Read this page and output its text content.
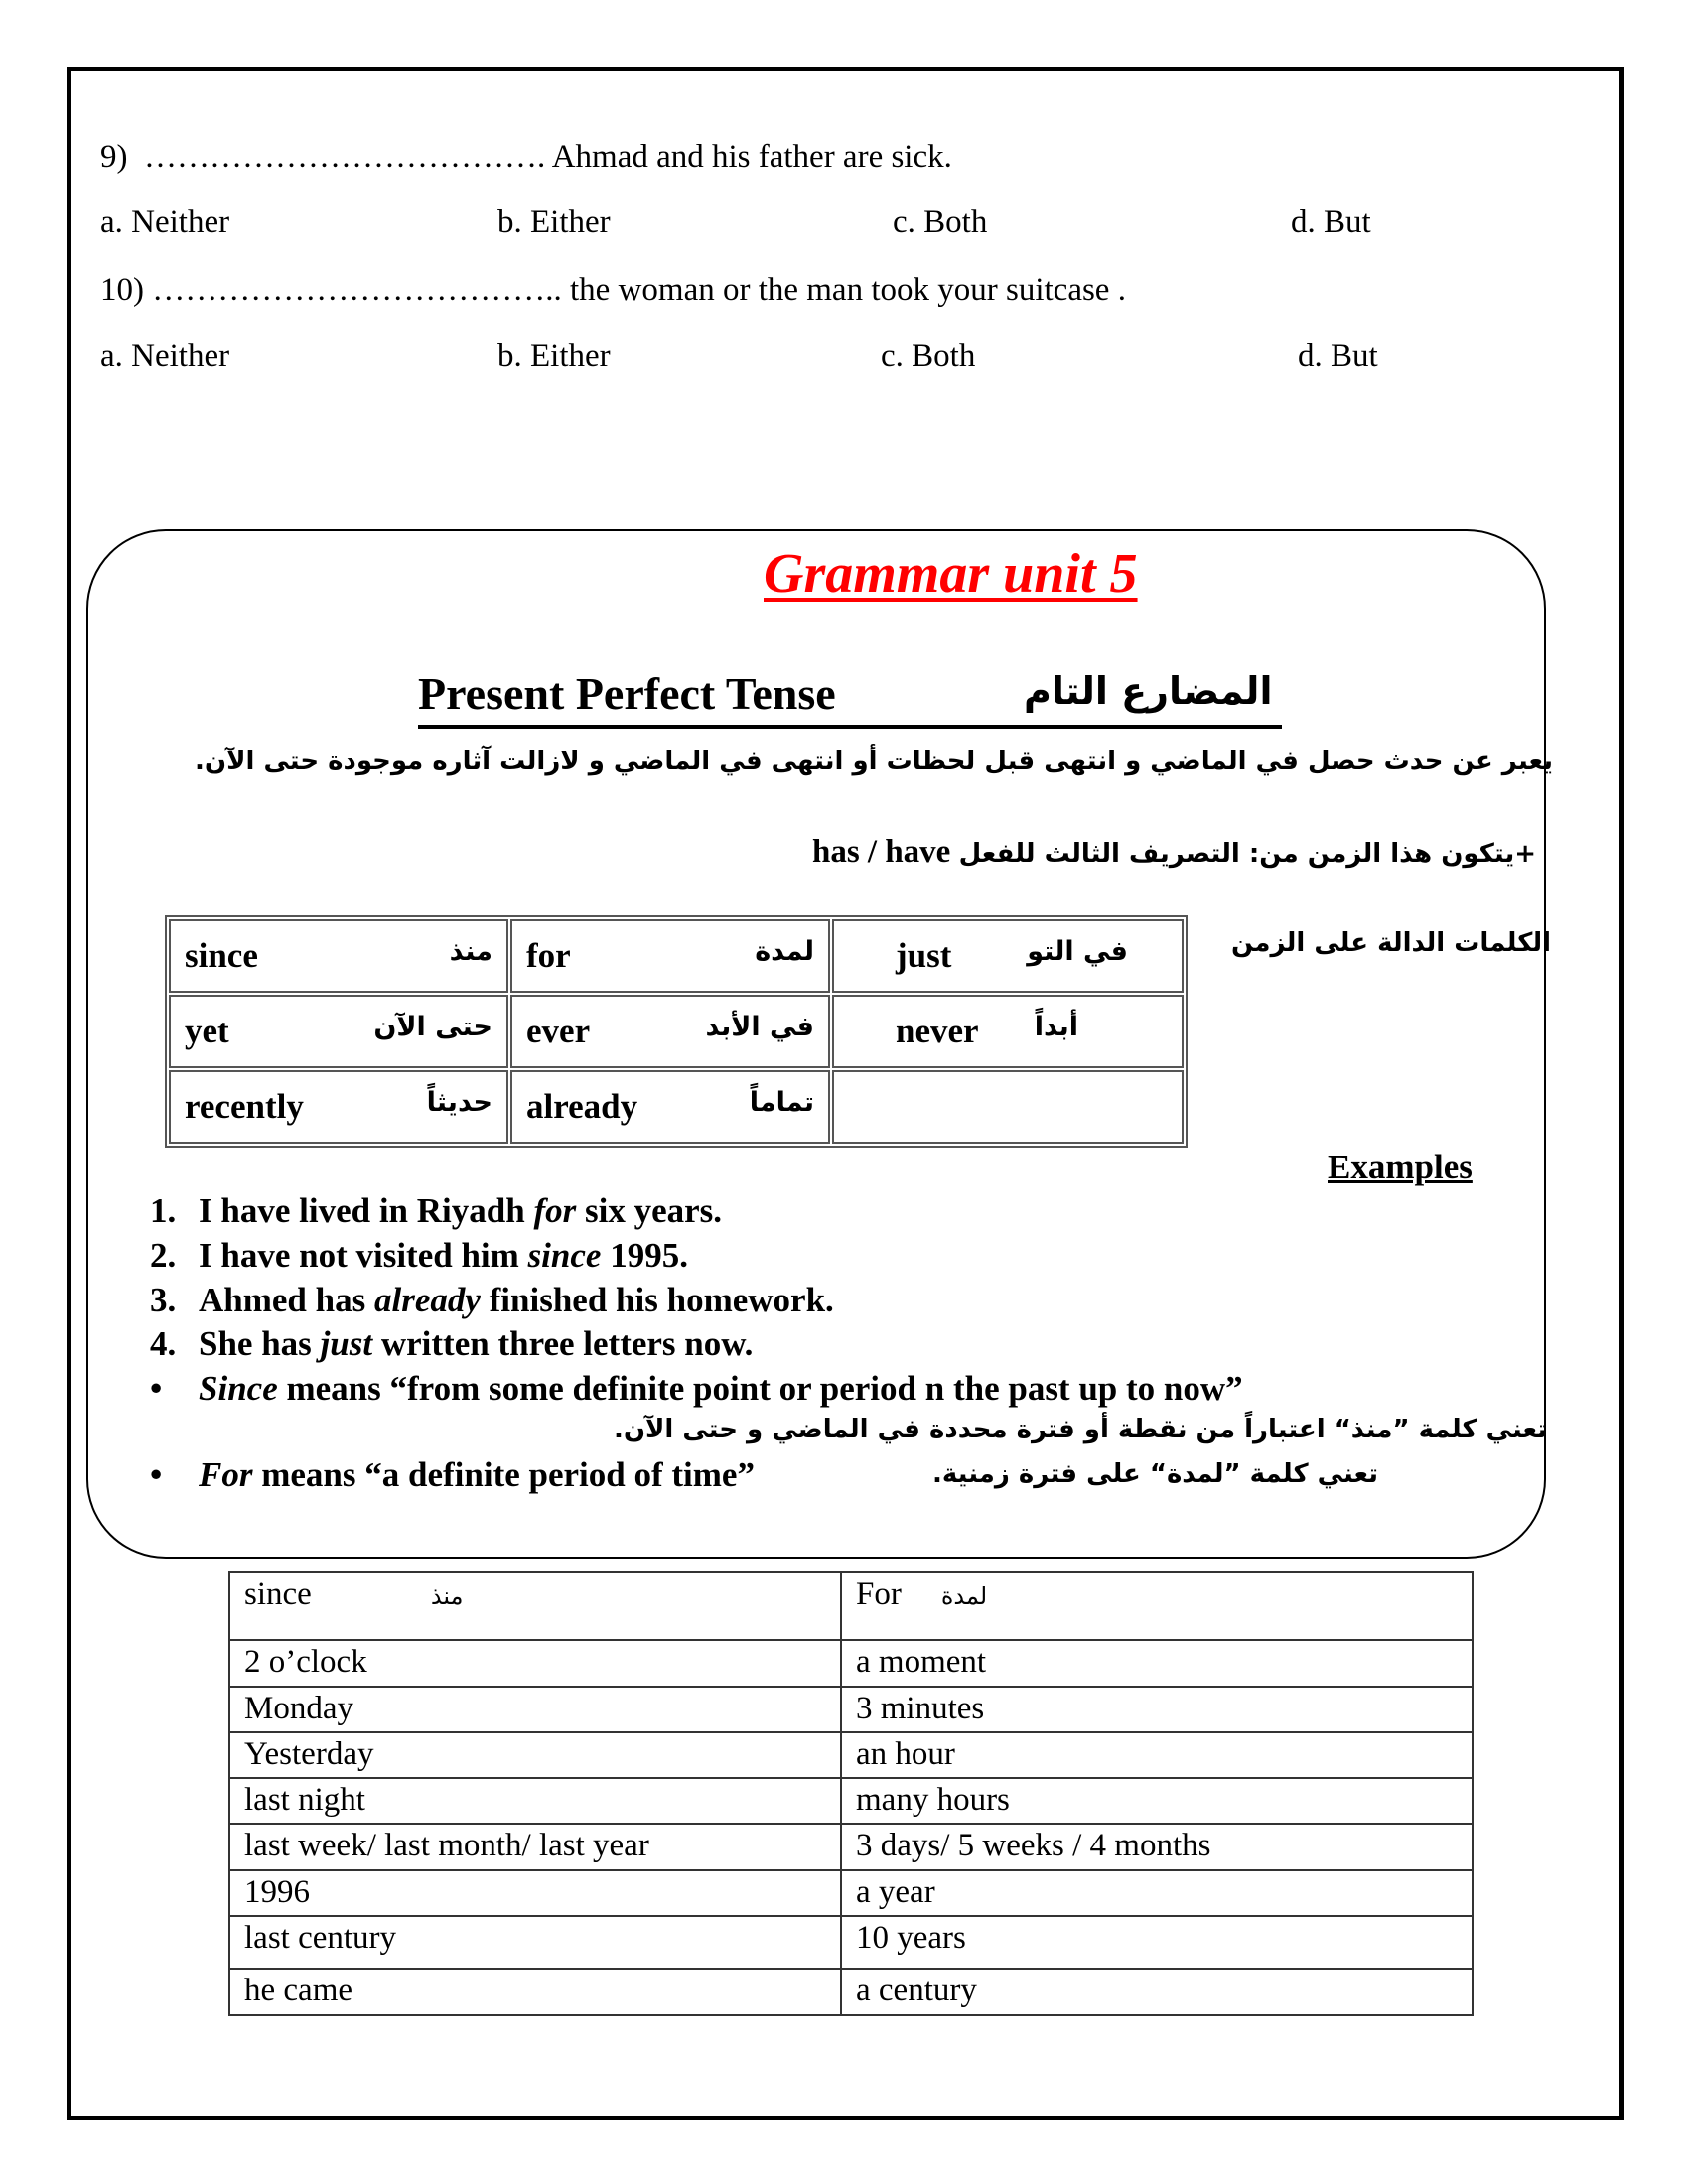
9) ………………………………. Ahmad and his father are sick.
a. Neither	b. Either	c. Both	d. But
10) ……………………………….. the woman or the man took your suitcase .
a. Neither	b. Either	c. Both	d. But
Grammar unit 5
Present Perfect Tense	المضارع التام
يعبر عن حدث حصل في الماضي و انتهى قبل لحظات أو انتهى في الماضي و لازالت آثاره موجودة حتى الآن.
has / have يتكون هذا الزمن من: التصريف الثالث للفعل+
since منذ	for لمدة	just في التو

yet حتى الآن	ever في الأبد	never أبداً

recently حديثاً	already تماماً	

الكلمات الدالة على الزمن
Examples
1. I have lived in Riyadh for six years.
2. I have not visited him since 1995.
3. Ahmed has already finished his homework.
4. She has just written three letters now.
• Since means “from some definite point or period n the past up to now”
تعني كلمة ”منذ“ اعتباراً من نقطة أو فترة محددة في الماضي و حتى الآن.
• For means “a definite period of time”	تعني كلمة ”لمدة“ على فترة زمنية.
since منذ	For لمدة
2 o’clock	a moment
Monday	3 minutes
Yesterday	an hour
last night	many hours
last week/ last month/ last year	3 days/ 5 weeks / 4 months
1996	a year
last century	10 years
he came	a century
